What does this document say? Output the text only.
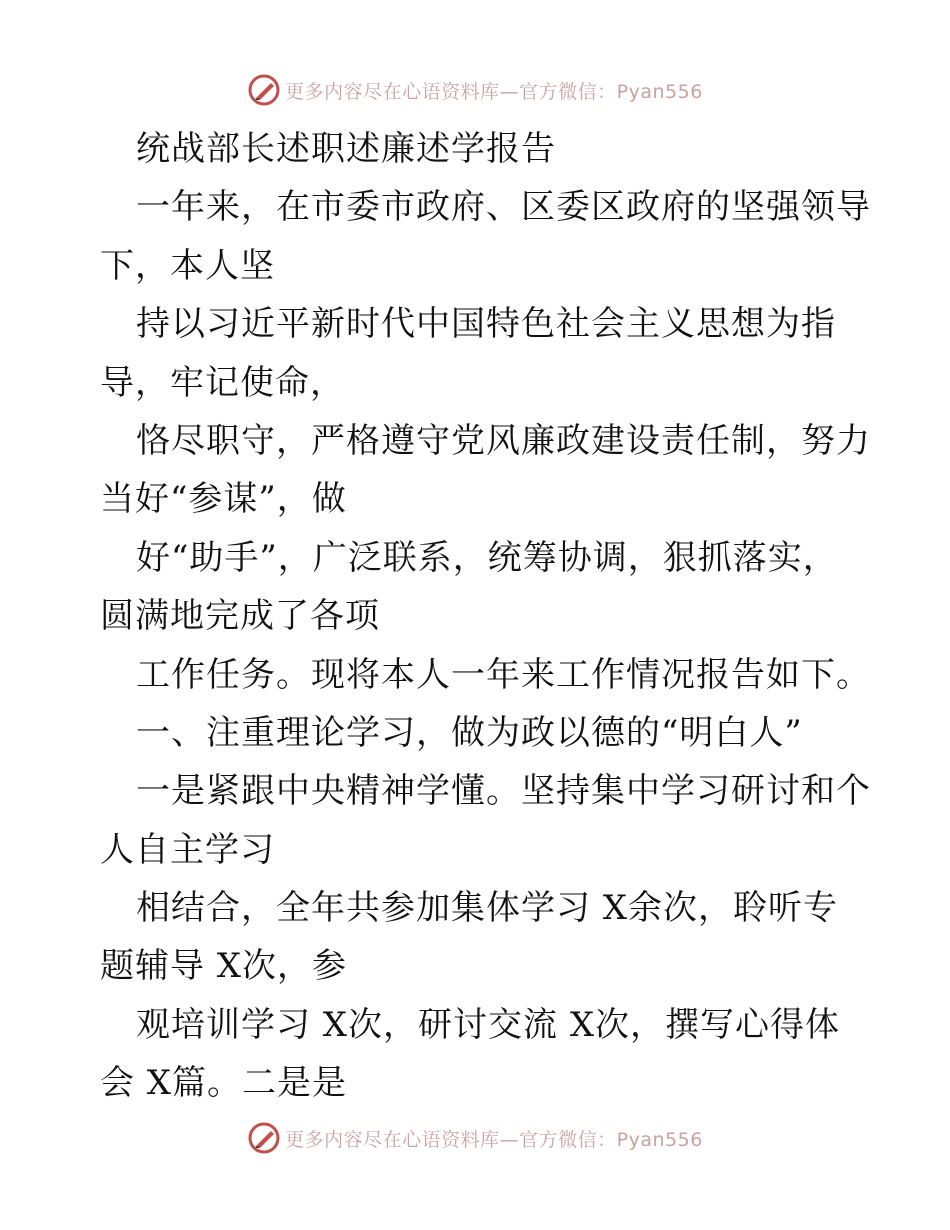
更多内容尽在心语资料库—官方微信：Pyan556
统战部长述职述廉述学报告
一年来，在市委市政府、区委区政府的坚强领导
下，本人坚
持以习近平新时代中国特色社会主义思想为指
导，牢记使命，
恪尽职守，严格遵守党风廉政建设责任制，努力
当好“参谋”，做
好“助手”，广泛联系，统筹协调，狠抓落实，
圆满地完成了各项
工作任务。现将本人一年来工作情况报告如下。
一、注重理论学习，做为政以德的“明白人”
一是紧跟中央精神学懂。坚持集中学习研讨和个
人自主学习
相结合，全年共参加集体学习 X余次，聆听专
题辅导 X次，参
观培训学习 X次，研讨交流 X次，撰写心得体
会 X篇。二是是
更多内容尽在心语资料库—官方微信：Pyan556
